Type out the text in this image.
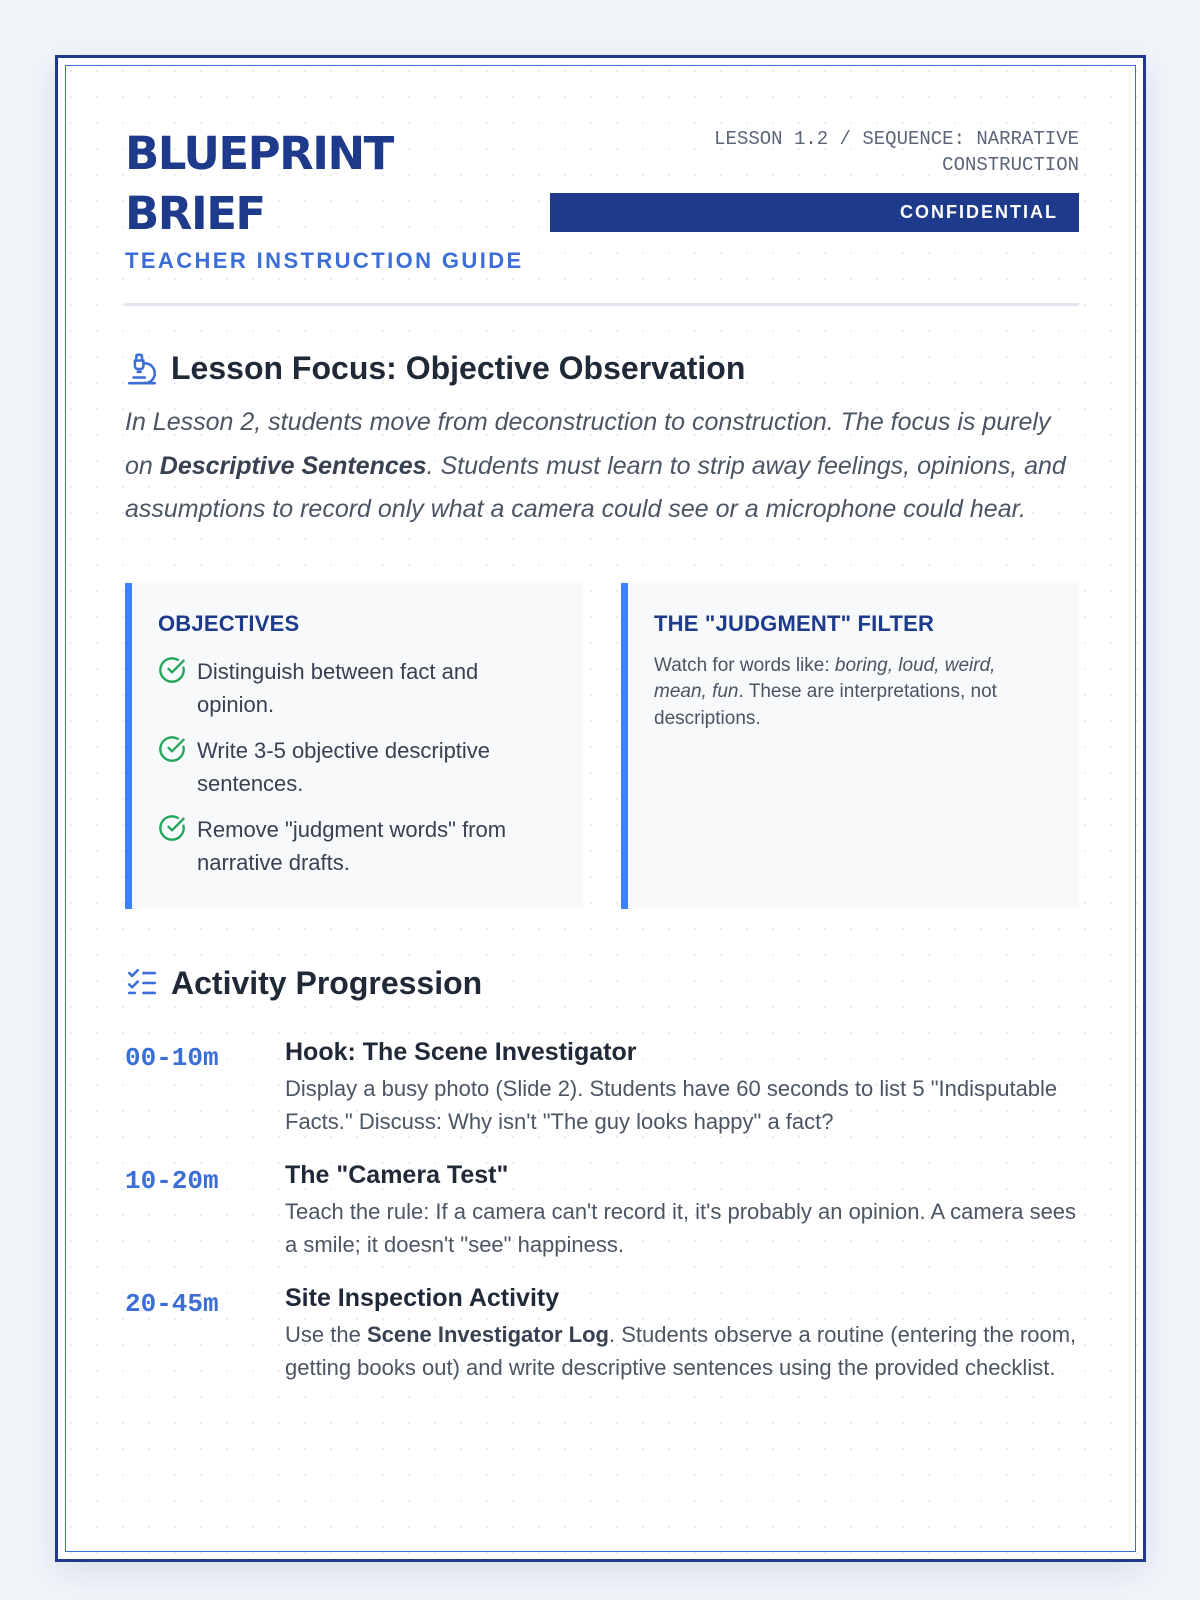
BLUEPRINT
BRIEF
TEACHER INSTRUCTION GUIDE
LESSON 1.2 / SEQUENCE: NARRATIVE CONSTRUCTION
CONFIDENTIAL
Lesson Focus: Objective Observation

In Lesson 2, students move from deconstruction to construction. The focus is purely on Descriptive Sentences. Students must learn to strip away feelings, opinions, and assumptions to record only what a camera could see or a microphone could hear.

OBJECTIVES
Distinguish between fact and opinion.
Write 3-5 objective descriptive sentences.
Remove "judgment words" from narrative drafts.
THE "JUDGMENT" FILTER

Watch for words like: boring, loud, weird, mean, fun. These are interpretations, not descriptions.

Activity Progression
00-10m	Hook: The Scene Investigator
Display a busy photo (Slide 2). Students have 60 seconds to list 5 "Indisputable Facts." Discuss: Why isn't "The guy looks happy" a fact?
10-20m	The "Camera Test"
Teach the rule: If a camera can't record it, it's probably an opinion. A camera sees a smile; it doesn't "see" happiness.
20-45m	Site Inspection Activity
Use the Scene Investigator Log. Students observe a routine (entering the room, getting books out) and write descriptive sentences using the provided checklist.
